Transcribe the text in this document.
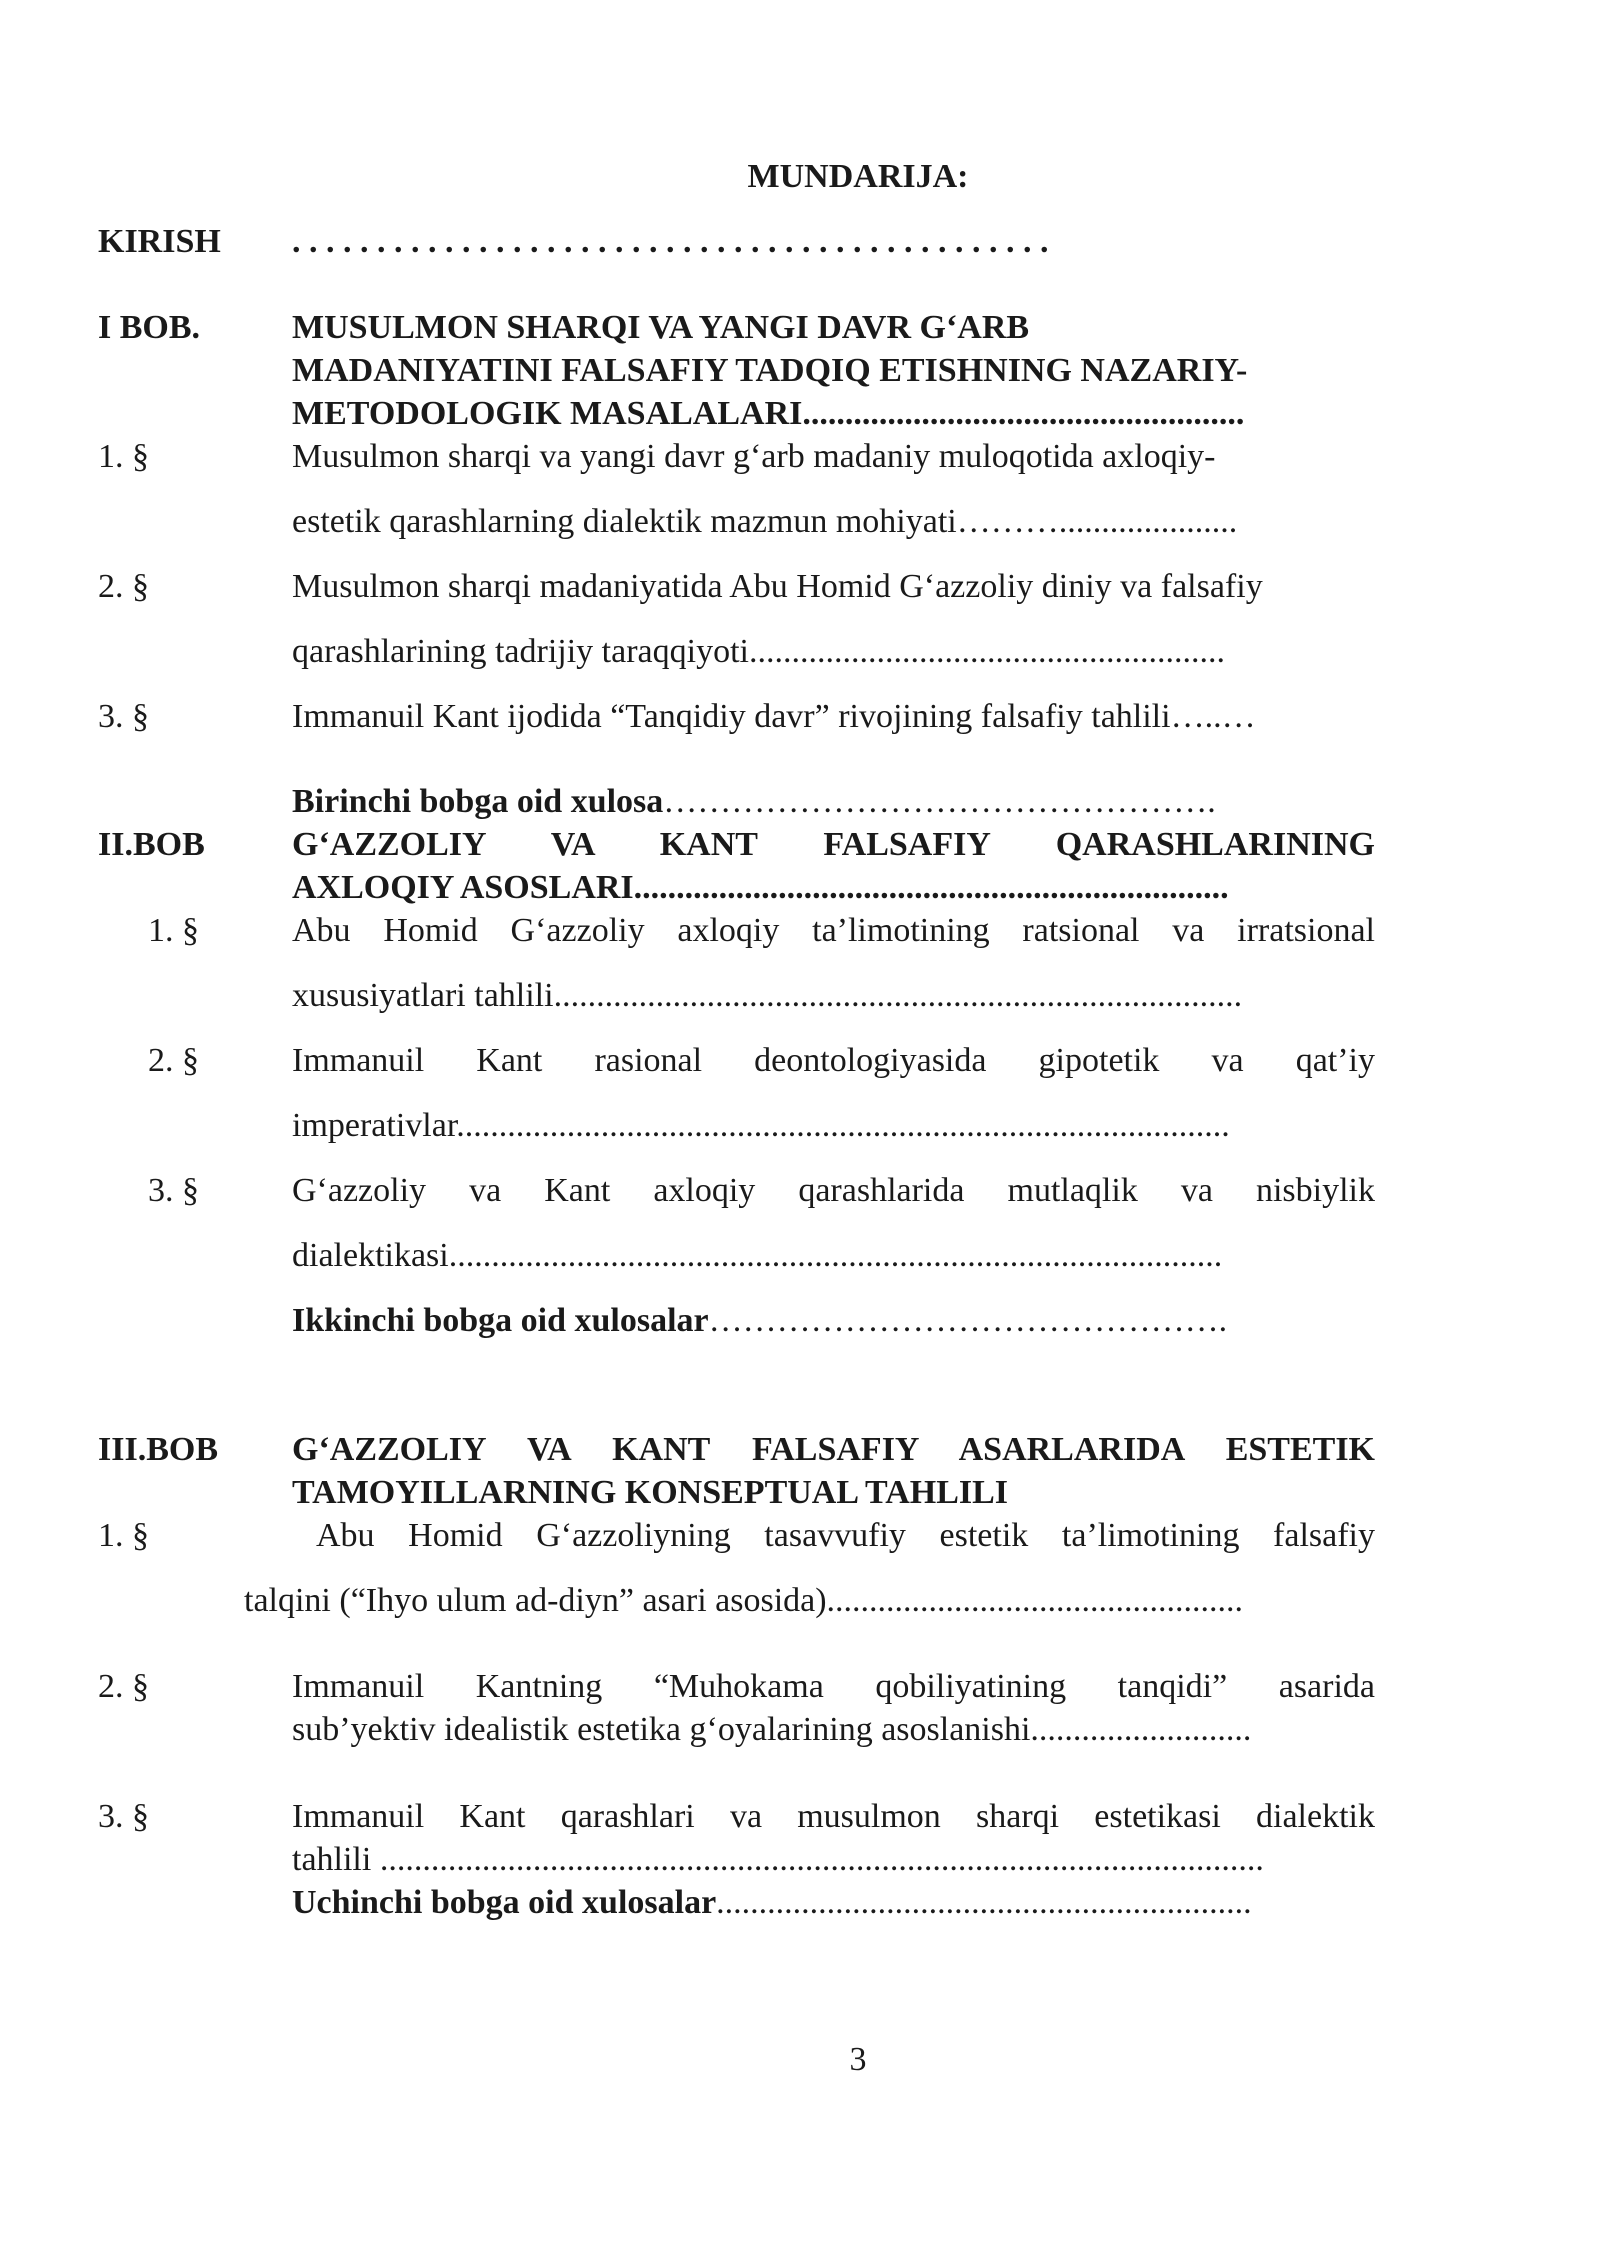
MUNDARIJA:
KIRISH . . . . . . . . . . . . . . . . . . . . . . . . . . . . . . . . . . . . . . . . . . . . .
I BOB.	MUSULMON SHARQI VA YANGI DAVR G‘ARB
MADANIYATINI FALSAFIY TADQIQ ETISHNING NAZARIY-
METODOLOGIK MASALALARI....................................................
1. §	Musulmon sharqi va yangi davr g‘arb madaniy muloqotida axloqiy-
estetik qarashlarning dialektik mazmun mohiyati……….....................
2. §	Musulmon sharqi madaniyatida Abu Homid G‘azzoliy diniy va falsafiy
qarashlarining tadrijiy taraqqiyoti........................................................
3. §	Immanuil Kant ijodida “Tanqidiy davr” rivojining falsafiy tahlili…..…
Birinchi bobga oid xulosa………………………………………….
II.BOB	G‘AZZOLIY VA KANT FALSAFIY QARASHLARINING
AXLOQIY ASOSLARI......................................................................
1. §	Abu Homid G‘azzoliy axloqiy ta’limotining ratsional va irratsional
xususiyatlari tahlili.................................................................................
2. §	Immanuil Kant rasional deontologiyasida gipotetik va qat’iy
imperativlar...........................................................................................
3. §	G‘azzoliy va Kant axloqiy qarashlarida mutlaqlik va nisbiylik
dialektikasi...........................................................................................
Ikkinchi bobga oid xulosalar……………………………………….
III.BOB G‘AZZOLIY VA KANT FALSAFIY ASARLARIDA ESTETIK
TAMOYILLARNING KONSEPTUAL TAHLILI
1. §	Abu Homid G‘azzoliyning tasavvufiy estetik ta’limotining falsafiy
talqini (“Ihyo ulum ad-diyn” asari asosida).................................................
2. §	Immanuil Kantning “Muhokama qobiliyatining tanqidi” asarida
sub’yektiv idealistik estetika g‘oyalarining asoslanishi..........................
3. §	Immanuil Kant qarashlari va musulmon sharqi estetikasi dialektik
tahlili ........................................................................................................
Uchinchi bobga oid xulosalar...............................................................
3
